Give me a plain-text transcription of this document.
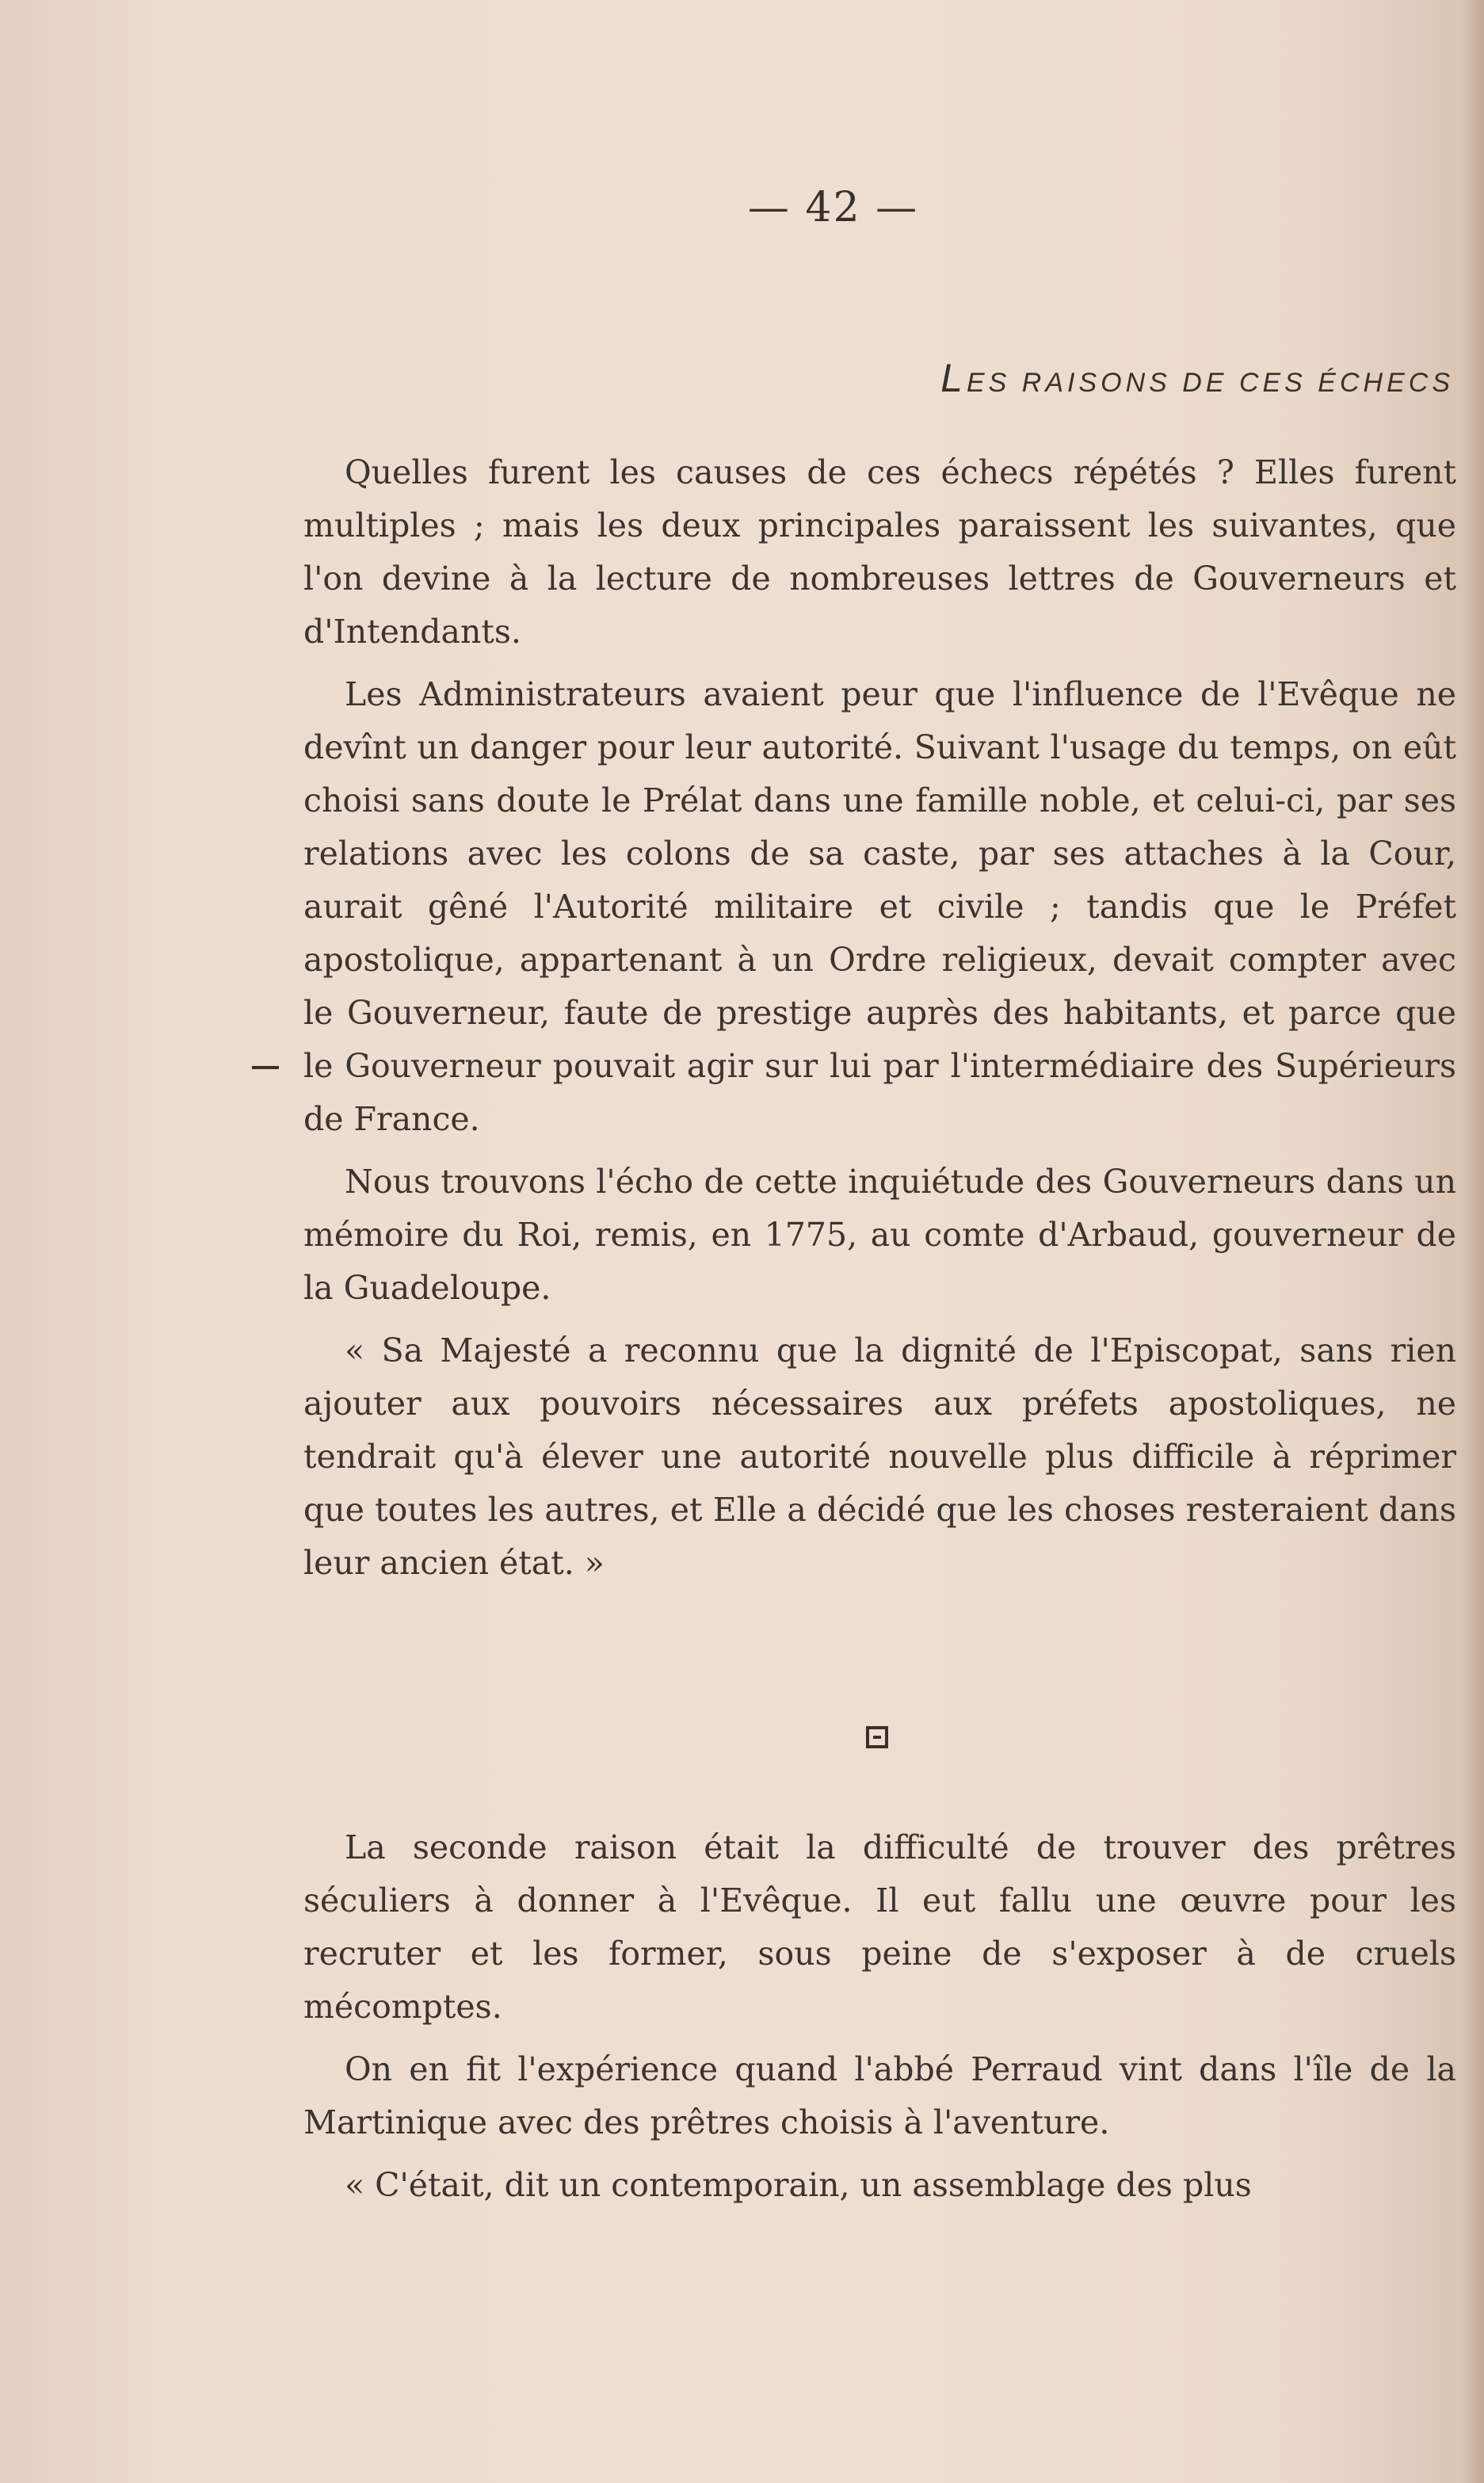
— 42 —
LES RAISONS DE CES ÉCHECS

Quelles furent les causes de ces échecs répétés ? Elles furent multiples ; mais les deux principales paraissent les suivantes, que l'on devine à la lecture de nombreuses lettres de Gouverneurs et d'Intendants.

Les Administrateurs avaient peur que l'influence de l'Evêque ne devînt un danger pour leur autorité. Suivant l'usage du temps, on eût choisi sans doute le Prélat dans une famille noble, et celui-ci, par ses relations avec les colons de sa caste, par ses attaches à la Cour, aurait gêné l'Autorité militaire et civile ; tandis que le Préfet apostolique, appartenant à un Ordre religieux, devait compter avec le Gouverneur, faute de prestige auprès des habitants, et parce que le Gouverneur pouvait agir sur lui par l'intermédiaire des Supérieurs de France.

Nous trouvons l'écho de cette inquiétude des Gouverneurs dans un mémoire du Roi, remis, en 1775, au comte d'Arbaud, gouverneur de la Guadeloupe.

« Sa Majesté a reconnu que la dignité de l'Episcopat, sans rien ajouter aux pouvoirs nécessaires aux préfets apostoliques, ne tendrait qu'à élever une autorité nouvelle plus difficile à réprimer que toutes les autres, et Elle a décidé que les choses resteraient dans leur ancien état. »

La seconde raison était la difficulté de trouver des prêtres séculiers à donner à l'Evêque. Il eut fallu une œuvre pour les recruter et les former, sous peine de s'exposer à de cruels mécomptes.

On en fit l'expérience quand l'abbé Perraud vint dans l'île de la Martinique avec des prêtres choisis à l'aventure.

« C'était, dit un contemporain, un assemblage des plus
